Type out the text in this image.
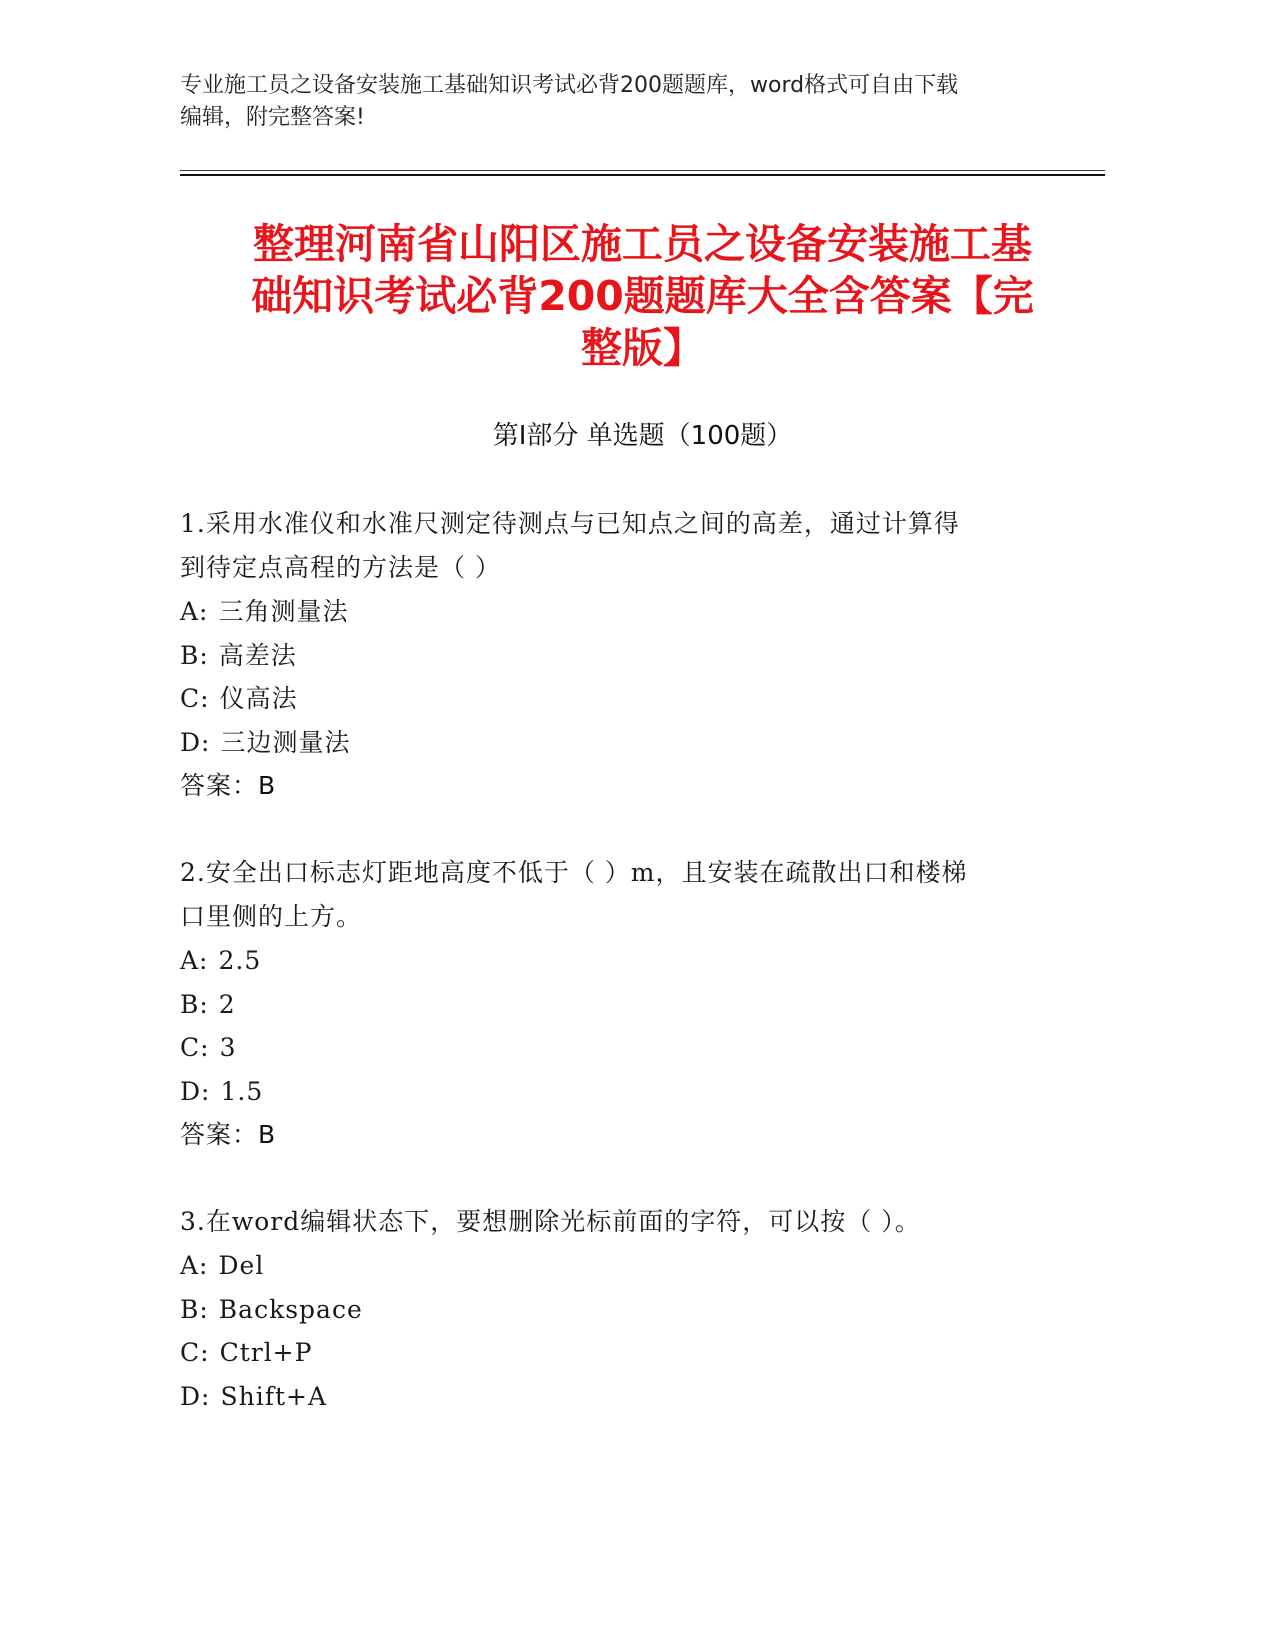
专业施工员之设备安装施工基础知识考试必背200题题库，word格式可自由下载
编辑，附完整答案!
整理河南省山阳区施工员之设备安装施工基
础知识考试必背200题题库大全含答案【完
整版】
第Ⅰ部分 单选题（100题）
1.采用水准仪和水准尺测定待测点与已知点之间的高差，通过计算得
到待定点高程的方法是（ ）
A: 三角测量法
B: 高差法
C: 仪高法
D: 三边测量法
答案：B
2.安全出口标志灯距地高度不低于（ ）m，且安装在疏散出口和楼梯
口里侧的上方。
A: 2.5
B: 2
C: 3
D: 1.5
答案：B
3.在word编辑状态下，要想删除光标前面的字符，可以按（ ）。
A: Del
B: Backspace
C: Ctrl+P
D: Shift+A
